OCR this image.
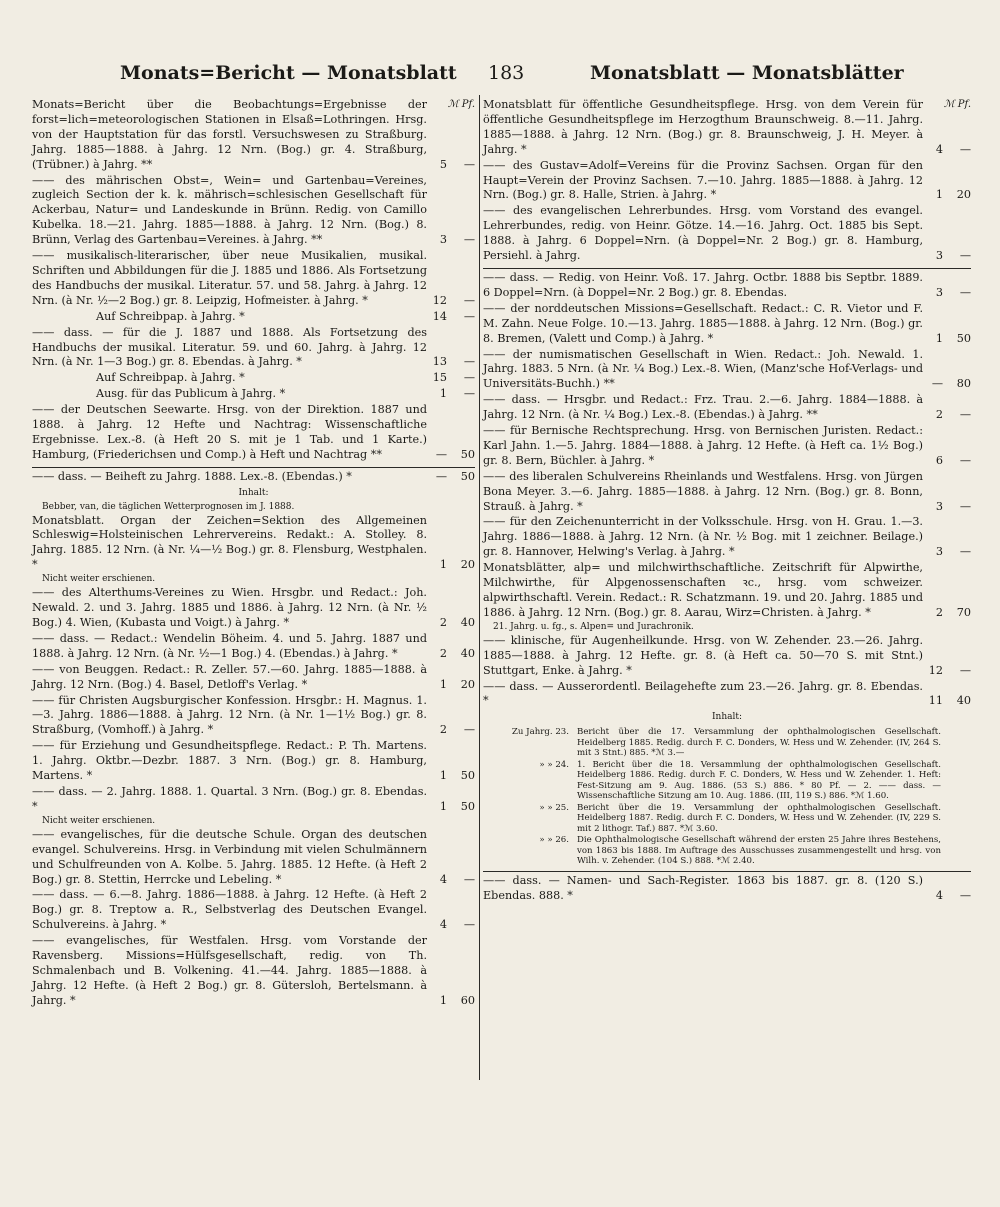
Monats=Bericht — Monatsblatt 183	Monatsblatt — Monatsblätter
ℳ Pf.
Monats=Bericht über die Beobachtungs=Ergebnisse der forst=lich=meteorologischen Stationen in Elsaß=Lothringen. Hrsg. von der Hauptstation für das forstl. Versuchswesen zu Straßburg. Jahrg. 1885—1888. à Jahrg. 12 Nrn. (Bog.) gr. 4. Straßburg, (Trübner.) à Jahrg. **	5	—
—— des mährischen Obst=, Wein= und Gartenbau=Vereines, zugleich Section der k. k. mährisch=schlesischen Gesellschaft für Ackerbau, Natur= und Landeskunde in Brünn. Redig. von Camillo Kubelka. 18.—21. Jahrg. 1885—1888. à Jahrg. 12 Nrn. (Bog.) 8. Brünn, Verlag des Gartenbau=Vereines. à Jahrg. **	3	—
—— musikalisch-literarischer, über neue Musikalien, musikal. Schriften und Abbildungen für die J. 1885 und 1886. Als Fortsetzung des Handbuchs der musikal. Literatur. 57. und 58. Jahrg. à Jahrg. 12 Nrn. (à Nr. ½—2 Bog.) gr. 8. Leipzig, Hofmeister. à Jahrg. *	12	—
Auf Schreibpap. à Jahrg. *	14	—
—— dass. — für die J. 1887 und 1888. Als Fortsetzung des Handbuchs der musikal. Literatur. 59. und 60. Jahrg. à Jahrg. 12 Nrn. (à Nr. 1—3 Bog.) gr. 8. Ebendas. à Jahrg. *	13	—
Auf Schreibpap. à Jahrg. *	15	—
Ausg. für das Publicum à Jahrg. *	1	—
—— der Deutschen Seewarte. Hrsg. von der Direktion. 1887 und 1888. à Jahrg. 12 Hefte und Nachtrag: Wissenschaftliche Ergebnisse. Lex.-8. (à Heft 20 S. mit je 1 Tab. und 1 Karte.) Hamburg, (Friederichsen und Comp.) à Heft und Nachtrag **	—	50
—— dass. — Beiheft zu Jahrg. 1888. Lex.-8. (Ebendas.) *	—	50
Inhalt:
Bebber, van, die täglichen Wetterprognosen im J. 1888.
Monatsblatt. Organ der Zeichen=Sektion des Allgemeinen Schleswig=Holsteinischen Lehrervereins. Redakt.: A. Stolley. 8. Jahrg. 1885. 12 Nrn. (à Nr. ¼—½ Bog.) gr. 8. Flensburg, Westphalen. *	1	20
Nicht weiter erschienen.
—— des Alterthums-Vereines zu Wien. Hrsgbr. und Redact.: Joh. Newald. 2. und 3. Jahrg. 1885 und 1886. à Jahrg. 12 Nrn. (à Nr. ½ Bog.) 4. Wien, (Kubasta und Voigt.) à Jahrg. *	2	40
—— dass. — Redact.: Wendelin Böheim. 4. und 5. Jahrg. 1887 und 1888. à Jahrg. 12 Nrn. (à Nr. ½—1 Bog.) 4. (Ebendas.) à Jahrg. *	2	40
—— von Beuggen. Redact.: R. Zeller. 57.—60. Jahrg. 1885—1888. à Jahrg. 12 Nrn. (Bog.) 4. Basel, Detloff's Verlag. *	1	20
—— für Christen Augsburgischer Konfession. Hrsgbr.: H. Magnus. 1.—3. Jahrg. 1886—1888. à Jahrg. 12 Nrn. (à Nr. 1—1½ Bog.) gr. 8. Straßburg, (Vomhoff.) à Jahrg. *	2	—
—— für Erziehung und Gesundheitspflege. Redact.: P. Th. Martens. 1. Jahrg. Oktbr.—Dezbr. 1887. 3 Nrn. (Bog.) gr. 8. Hamburg, Martens. *	1	50
—— dass. — 2. Jahrg. 1888. 1. Quartal. 3 Nrn. (Bog.) gr. 8. Ebendas. *	1	50
Nicht weiter erschienen.
—— evangelisches, für die deutsche Schule. Organ des deutschen evangel. Schulvereins. Hrsg. in Verbindung mit vielen Schulmännern und Schulfreunden von A. Kolbe. 5. Jahrg. 1885. 12 Hefte. (à Heft 2 Bog.) gr. 8. Stettin, Herrcke und Lebeling. *	4	—
—— dass. — 6.—8. Jahrg. 1886—1888. à Jahrg. 12 Hefte. (à Heft 2 Bog.) gr. 8. Treptow a. R., Selbstverlag des Deutschen Evangel. Schulvereins. à Jahrg. *	4	—
—— evangelisches, für Westfalen. Hrsg. vom Vorstande der Ravensberg. Missions=Hülfsgesellschaft, redig. von Th. Schmalenbach und B. Volkening. 41.—44. Jahrg. 1885—1888. à Jahrg. 12 Hefte. (à Heft 2 Bog.) gr. 8. Gütersloh, Bertelsmann. à Jahrg. *	1	60
ℳ Pf.
Monatsblatt für öffentliche Gesundheitspflege. Hrsg. von dem Verein für öffentliche Gesundheitspflege im Herzogthum Braunschweig. 8.—11. Jahrg. 1885—1888. à Jahrg. 12 Nrn. (Bog.) gr. 8. Braunschweig, J. H. Meyer. à Jahrg. *	4	—
—— des Gustav=Adolf=Vereins für die Provinz Sachsen. Organ für den Haupt=Verein der Provinz Sachsen. 7.—10. Jahrg. 1885—1888. à Jahrg. 12 Nrn. (Bog.) gr. 8. Halle, Strien. à Jahrg. *	1	20
—— des evangelischen Lehrerbundes. Hrsg. vom Vorstand des evangel. Lehrerbundes, redig. von Heinr. Götze. 14.—16. Jahrg. Oct. 1885 bis Sept. 1888. à Jahrg. 6 Doppel=Nrn. (à Doppel=Nr. 2 Bog.) gr. 8. Hamburg, Persiehl. à Jahrg.	3	—
—— dass. — Redig. von Heinr. Voß. 17. Jahrg. Octbr. 1888 bis Septbr. 1889. 6 Doppel=Nrn. (à Doppel=Nr. 2 Bog.) gr. 8. Ebendas.	3	—
—— der norddeutschen Missions=Gesellschaft. Redact.: C. R. Vietor und F. M. Zahn. Neue Folge. 10.—13. Jahrg. 1885—1888. à Jahrg. 12 Nrn. (Bog.) gr. 8. Bremen, (Valett und Comp.) à Jahrg. *	1	50
—— der numismatischen Gesellschaft in Wien. Redact.: Joh. Newald. 1. Jahrg. 1883. 5 Nrn. (à Nr. ¼ Bog.) Lex.-8. Wien, (Manz'sche Hof-Verlags- und Universitäts-Buchh.) **	—	80
—— dass. — Hrsgbr. und Redact.: Frz. Trau. 2.—6. Jahrg. 1884—1888. à Jahrg. 12 Nrn. (à Nr. ¼ Bog.) Lex.-8. (Ebendas.) à Jahrg. **	2	—
—— für Bernische Rechtsprechung. Hrsg. von Bernischen Juristen. Redact.: Karl Jahn. 1.—5. Jahrg. 1884—1888. à Jahrg. 12 Hefte. (à Heft ca. 1½ Bog.) gr. 8. Bern, Büchler. à Jahrg. *	6	—
—— des liberalen Schulvereins Rheinlands und Westfalens. Hrsg. von Jürgen Bona Meyer. 3.—6. Jahrg. 1885—1888. à Jahrg. 12 Nrn. (Bog.) gr. 8. Bonn, Strauß. à Jahrg. *	3	—
—— für den Zeichenunterricht in der Volksschule. Hrsg. von H. Grau. 1.—3. Jahrg. 1886—1888. à Jahrg. 12 Nrn. (à Nr. ½ Bog. mit 1 zeichner. Beilage.) gr. 8. Hannover, Helwing's Verlag. à Jahrg. *	3	—
Monatsblätter, alp= und milchwirthschaftliche. Zeitschrift für Alpwirthe, Milchwirthe, für Alpgenossenschaften ꝛc., hrsg. vom schweizer. alpwirthschaftl. Verein. Redact.: R. Schatzmann. 19. und 20. Jahrg. 1885 und 1886. à Jahrg. 12 Nrn. (Bog.) gr. 8. Aarau, Wirz=Christen. à Jahrg. *	2	70
21. Jahrg. u. fg., s. Alpen= und Jurachronik.
—— klinische, für Augenheilkunde. Hrsg. von W. Zehender. 23.—26. Jahrg. 1885—1888. à Jahrg. 12 Hefte. gr. 8. (à Heft ca. 50—70 S. mit Stnt.) Stuttgart, Enke. à Jahrg. *	12	—
—— dass. — Ausserordentl. Beilagehefte zum 23.—26. Jahrg. gr. 8. Ebendas. *	11	40
Inhalt:
Zu Jahrg. 23. Bericht über die 17. Versammlung der ophthalmologischen Gesellschaft. Heidelberg 1885. Redig. durch F. C. Donders, W. Hess und W. Zehender. (IV, 264 S. mit 3 Stnt.) 885. *ℳ 3.—
» » 24. 1. Bericht über die 18. Versammlung der ophthalmologischen Gesellschaft. Heidelberg 1886. Redig. durch F. C. Donders, W. Hess und W. Zehender. 1. Heft: Fest-Sitzung am 9. Aug. 1886. (53 S.) 886. * 80 Pf. — 2. —— dass. — Wissenschaftliche Sitzung am 10. Aug. 1886. (III, 119 S.) 886. *ℳ 1.60.
» » 25. Bericht über die 19. Versammlung der ophthalmologischen Gesellschaft. Heidelberg 1887. Redig. durch F. C. Donders, W. Hess und W. Zehender. (IV, 229 S. mit 2 lithogr. Taf.) 887. *ℳ 3.60.
» » 26. Die Ophthalmologische Gesellschaft während der ersten 25 Jahre ihres Bestehens, von 1863 bis 1888. Im Auftrage des Ausschusses zusammengestellt und hrsg. von Wilh. v. Zehender. (104 S.) 888. *ℳ 2.40.
—— dass. — Namen- und Sach-Register. 1863 bis 1887. gr. 8. (120 S.) Ebendas. 888. *	4	—
